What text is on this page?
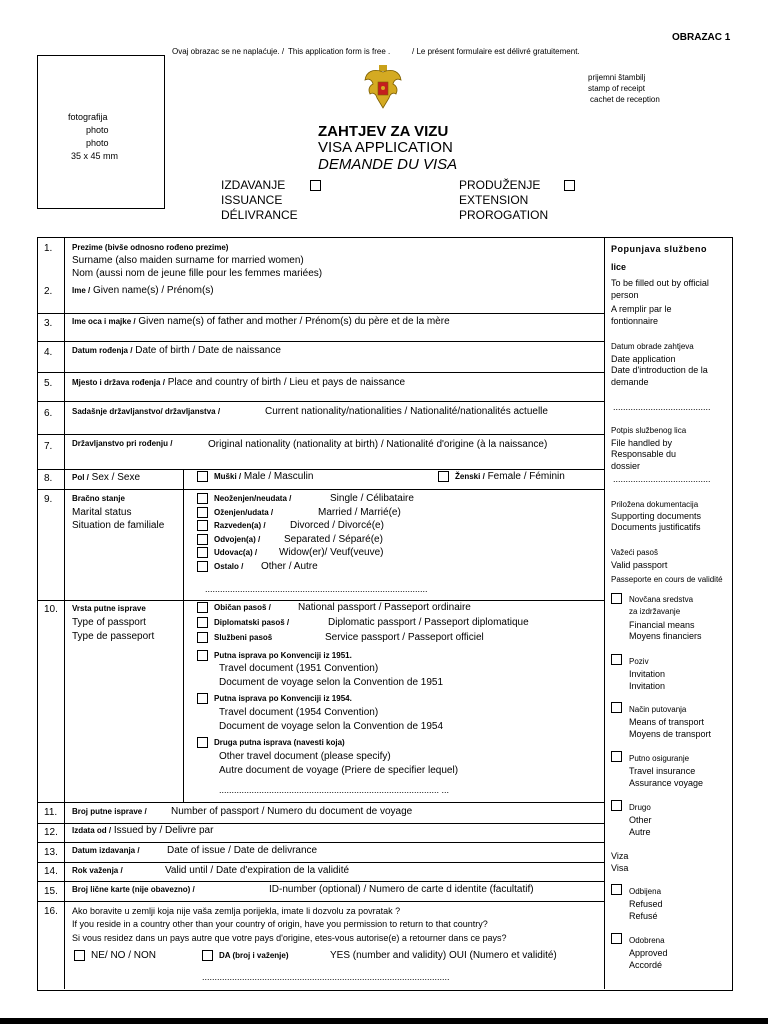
OBRAZAC 1
Ovaj obrazac se ne naplaćuje. / This application form is free .	/ Le présent formulaire est délivré gratuitement.
fotografija
photo
photo
35 x 45 mm
prijemni štambilj
stamp of receipt
cachet de reception
ZAHTJEV ZA VIZU
VISA APPLICATION
DEMANDE DU VISA
IZDAVANJE
ISSUANCE
DÉLIVRANCE
PRODUŽENJE
EXTENSION
PROROGATION
1. Prezime (bivše odnosno rođeno prezime)
Surname (also maiden surname for married women)
Nom (aussi nom de jeune fille pour les femmes mariées)
2. Ime / Given name(s) / Prénom(s)
3. Ime oca i majke / Given name(s) of father and mother / Prénom(s) du père et de la mère
4. Datum rođenja / Date of birth / Date de naissance
5. Mjesto i država rođenja / Place and country of birth / Lieu et pays de naissance
6. Sadašnje državljanstvo/ državljanstva /	Current nationality/nationalities / Nationalité/nationalités actuelle
7. Državljanstvo pri rođenju /	Original nationality (nationality at birth) / Nationalité d'origine (à la naissance)
8. Pol / Sex / Sexe	Muški / Male / Masculin	Ženski / Female / Féminin
9. Bračno stanje
Marital status
Situation de familiale
Neoženjen/neudata /	Single / Célibataire
Oženjen/udata /	Married / Marrié(e)
Razveden(a) / Divorced / Divorcé(e)
Odvojen(a) / Separated / Séparé(e)
Udovac(a) / Widow(er)/ Veuf(veuve)
Ostalo / Other / Autre
.........................................................................................
10. Vrsta putne isprave
Type of passport
Type de passeport
Običan pasoš /	National passport / Passeport ordinaire
Diplomatski pasoš /	Diplomatic passport / Passeport diplomatique
Službeni pasoš	Service passport / Passeport officiel
Putna isprava po Konvenciji iz 1951.
Travel document (1951 Convention)
Document de voyage selon la Convention de 1951
Putna isprava po Konvenciji iz 1954.
Travel document (1954 Convention)
Document de voyage selon la Convention de 1954
Druga putna isprava (navesti koja)
Other travel document (please specify)
Autre document de voyage (Priere de specifier lequel)
........................................................................................ ...
11. Broj putne isprave / Number of passport / Numero du document de voyage
12. Izdata od / Issued by / Delivre par
13. Datum izdavanja /	Date of issue / Date de delivrance
14. Rok važenja /	Valid until / Date d'expiration de la validité
15. Broj lične karte (nije obavezno) /	ID-number (optional) / Numero de carte d identite (facultatif)
16. Ako boravite u zemlji koja nije vaša zemlja porijekla, imate li dozvolu za povratak ?
If you reside in a country other than your country of origin, have you permission to return to that country?
Si vous residez dans un pays autre que votre pays d'origine, etes-vous autorise(e) a retourner dans ce pays?
NE/ NO / NON	DA (broj i važenje)	YES (number and validity) OUI (Numero et validité)
...................................................................................................
Popunjava službeno
lice
To be filled out by official
person
A remplir par le
fontionnaire
Datum obrade zahtjeva
Date application
Date d'introduction de la
demande
.......................................
Potpis službenog lica
File handled by
Responsable du
dossier
.......................................
Priložena dokumentacija
Supporting documents
Documents justificatifs
Važeći pasoš
Valid passport
Passeporte en cours de validité
Novčana sredstva
za izdržavanje
Financial means
Moyens financiers
Poziv
Invitation
Invitation
Način putovanja
Means of transport
Moyens de transport
Putno osiguranje
Travel insurance
Assurance voyage
Drugo
Other
Autre
Viza
Visa
Odbijena
Refused
Refusé
Odobrena
Approved
Accordé
